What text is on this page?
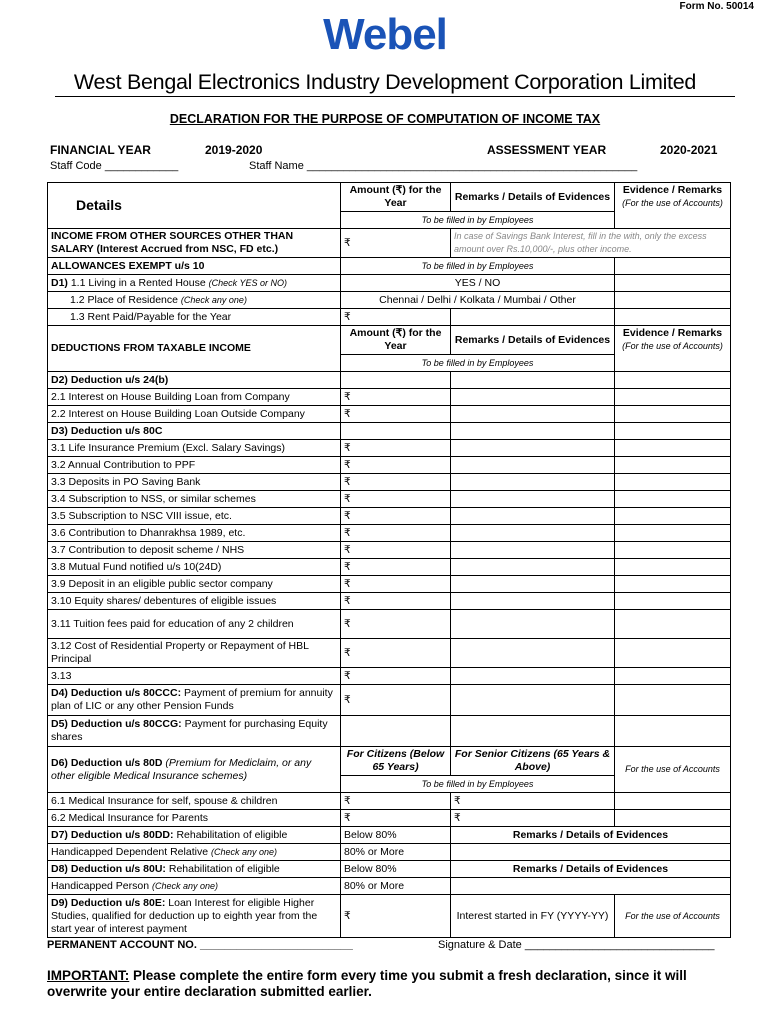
Form No. 50014
Webel
West Bengal Electronics Industry Development Corporation Limited
DECLARATION FOR THE PURPOSE OF COMPUTATION OF INCOME TAX
FINANCIAL YEAR	2019-2020	ASSESSMENT YEAR	2020-2021
Staff Code ____________	Staff Name ______________________________________________________
Details	Amount (₹) for the Year	Remarks / Details of Evidences	Evidence / Remarks
(For the use of Accounts)

	To be filled in by Employees		
INCOME FROM OTHER SOURCES OTHER THAN SALARY (Interest Accrued from NSC, FD etc.)	₹	In case of Savings Bank Interest, fill in the with, only the excess amount over Rs.10,000/-, plus other income.	
ALLOWANCES EXEMPT u/s 10	To be filled in by Employees		
D1) 1.1 Living in a Rented House (Check YES or NO)	YES / NO		
1.2 Place of Residence (Check any one)	Chennai / Delhi / Kolkata / Mumbai / Other		
1.3 Rent Paid/Payable for the Year	₹		
DEDUCTIONS FROM TAXABLE INCOME	Amount (₹) for the Year	Remarks / Details of Evidences	Evidence / Remarks
(For the use of Accounts)

	To be filled in by Employees		
D2) Deduction u/s 24(b)			
2.1 Interest on House Building Loan from Company	₹		
2.2 Interest on House Building Loan Outside Company	₹		
D3) Deduction u/s 80C			
3.1 Life Insurance Premium (Excl. Salary Savings)	₹		
3.2 Annual Contribution to PPF	₹		
3.3 Deposits in PO Saving Bank	₹		
3.4 Subscription to NSS, or similar schemes	₹		
3.5 Subscription to NSC VIII issue, etc.	₹		
3.6 Contribution to Dhanrakhsa 1989, etc.	₹		
3.7 Contribution to deposit scheme / NHS	₹		
3.8 Mutual Fund notified u/s 10(24D)	₹		
3.9 Deposit in an eligible public sector company	₹		
3.10 Equity shares/ debentures of eligible issues	₹		
3.11 Tuition fees paid for education of any 2 children	₹		
3.12 Cost of Residential Property or Repayment of HBL Principal	₹		
3.13	₹		
D4) Deduction u/s 80CCC: Payment of premium for annuity plan of LIC or any other Pension Funds	₹		
D5) Deduction u/s 80CCG: Payment for purchasing Equity shares			
D6) Deduction u/s 80D (Premium for Mediclaim, or any other eligible Medical Insurance schemes)	For Citizens (Below 65 Years)	For Senior Citizens (65 Years & Above)	For the use of Accounts
	To be filled in by Employees		
6.1 Medical Insurance for self, spouse & children	₹	₹	
6.2 Medical Insurance for Parents	₹	₹	
D7) Deduction u/s 80DD: Rehabilitation of eligible	Below 80%	Remarks / Details of Evidences	
Handicapped Dependent Relative (Check any one)	80% or More		
D8) Deduction u/s 80U: Rehabilitation of eligible	Below 80%	Remarks / Details of Evidences	
Handicapped Person (Check any one)	80% or More		
D9) Deduction u/s 80E: Loan Interest for eligible Higher Studies, qualified for deduction up to eighth year from the start year of interest payment	₹	Interest started in FY (YYYY-YY)	For the use of Accounts
PERMANENT ACCOUNT NO. _________________________	Signature & Date _______________________________
IMPORTANT: Please complete the entire form every time you submit a fresh declaration, since it will overwrite your entire declaration submitted earlier.
